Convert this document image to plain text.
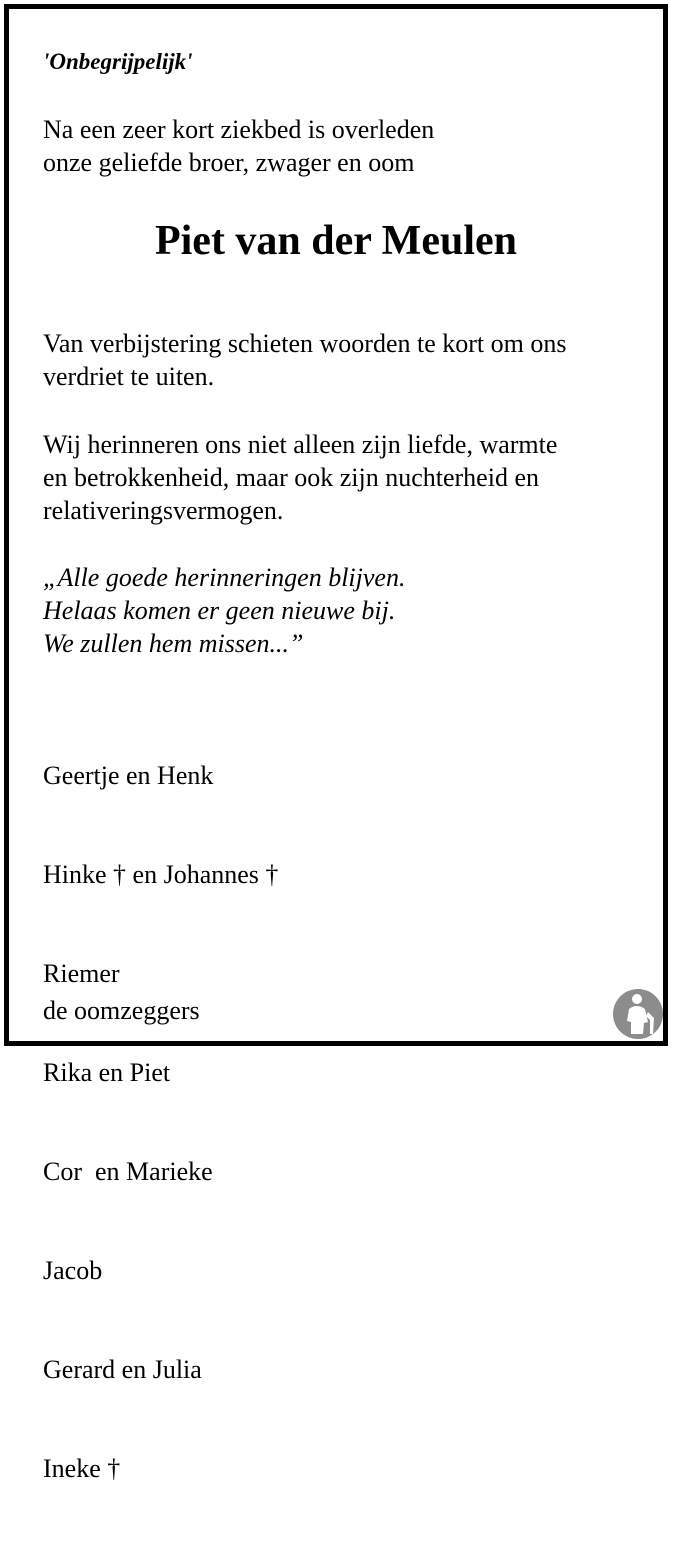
'Onbegrijpelijk'
Na een zeer kort ziekbed is overleden
onze geliefde broer, zwager en oom
Piet van der Meulen
Van verbijstering schieten woorden te kort om ons
verdriet te uiten.
Wij herinneren ons niet alleen zijn liefde, warmte
en betrokkenheid, maar ook zijn nuchterheid en
relativeringsvermogen.
„Alle goede herinneringen blijven.
Helaas komen er geen nieuwe bij.
We zullen hem missen...”

Geertje en Henk

Hinke † en Johannes †

Riemer

Rika en Piet

Cor  en Marieke

Jacob

Gerard en Julia

Ineke †

de oomzeggers
